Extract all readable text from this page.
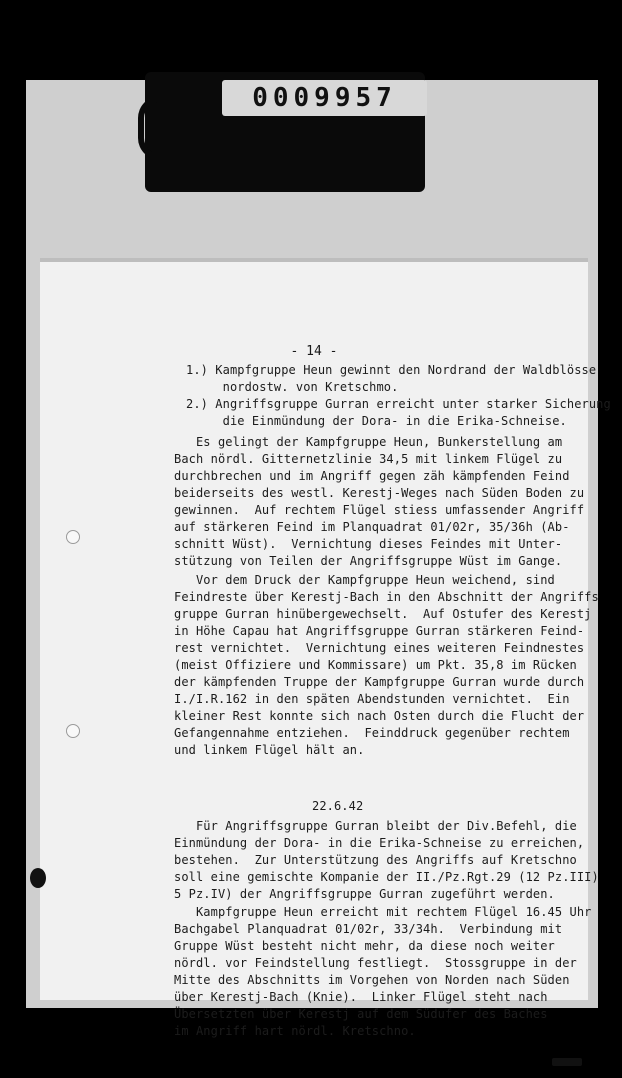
0009957
- 14 -
1.) Kampfgruppe Heun gewinnt den Nordrand der Waldblösse
nordostw. von Kretschmo.
2.) Angriffsgruppe Gurran erreicht unter starker Sicherung
die Einmündung der Dora- in die Erika-Schneise.
Es gelingt der Kampfgruppe Heun, Bunkerstellung am
Bach nördl. Gitternetzlinie 34,5 mit linkem Flügel zu
durchbrechen und im Angriff gegen zäh kämpfenden Feind
beiderseits des westl. Kerestj-Weges nach Süden Boden zu
gewinnen.  Auf rechtem Flügel stiess umfassender Angriff
auf stärkeren Feind im Planquadrat 01/02r, 35/36h (Ab-
schnitt Wüst).  Vernichtung dieses Feindes mit Unter-
stützung von Teilen der Angriffsgruppe Wüst im Gange.
Vor dem Druck der Kampfgruppe Heun weichend, sind
Feindreste über Kerestj-Bach in den Abschnitt der Angriffs
gruppe Gurran hinübergewechselt.  Auf Ostufer des Kerestj
in Höhe Capau hat Angriffsgruppe Gurran stärkeren Feind-
rest vernichtet.  Vernichtung eines weiteren Feindnestes
(meist Offiziere und Kommissare) um Pkt. 35,8 im Rücken
der kämpfenden Truppe der Kampfgruppe Gurran wurde durch
I./I.R.162 in den späten Abendstunden vernichtet.  Ein
kleiner Rest konnte sich nach Osten durch die Flucht der
Gefangennahme entziehen.  Feinddruck gegenüber rechtem
und linkem Flügel hält an.
22.6.42
Für Angriffsgruppe Gurran bleibt der Div.Befehl, die
Einmündung der Dora- in die Erika-Schneise zu erreichen,
bestehen.  Zur Unterstützung des Angriffs auf Kretschno
soll eine gemischte Kompanie der II./Pz.Rgt.29 (12 Pz.III)
5 Pz.IV) der Angriffsgruppe Gurran zugeführt werden.
Kampfgruppe Heun erreicht mit rechtem Flügel 16.45 Uhr
Bachgabel Planquadrat 01/02r, 33/34h.  Verbindung mit
Gruppe Wüst besteht nicht mehr, da diese noch weiter
nördl. vor Feindstellung festliegt.  Stossgruppe in der
Mitte des Abschnitts im Vorgehen von Norden nach Süden
über Kerestj-Bach (Knie).  Linker Flügel steht nach
Übersetzten über Kerestj auf dem Südufer des Baches
im Angriff hart nördl. Kretschno.
